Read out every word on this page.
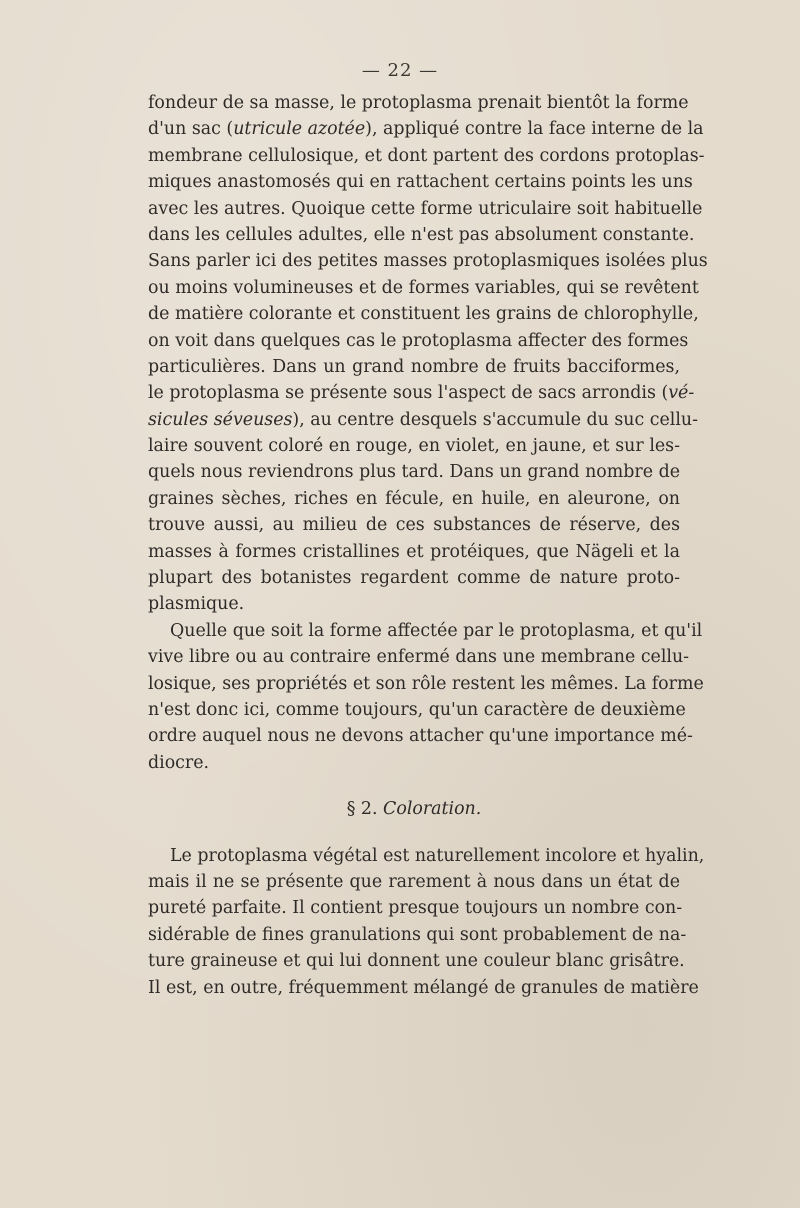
— 22 —
fondeur de sa masse, le protoplasma prenait bientôt la forme
d'un sac (utricule azotée), appliqué contre la face interne de la
membrane cellulosique, et dont partent des cordons protoplas-
miques anastomosés qui en rattachent certains points les uns
avec les autres. Quoique cette forme utriculaire soit habituelle
dans les cellules adultes, elle n'est pas absolument constante.
Sans parler ici des petites masses protoplasmiques isolées plus
ou moins volumineuses et de formes variables, qui se revêtent
de matière colorante et constituent les grains de chlorophylle,
on voit dans quelques cas le protoplasma affecter des formes
particulières. Dans un grand nombre de fruits bacciformes,
le protoplasma se présente sous l'aspect de sacs arrondis (vé-
sicules séveuses), au centre desquels s'accumule du suc cellu-
laire souvent coloré en rouge, en violet, en jaune, et sur les-
quels nous reviendrons plus tard. Dans un grand nombre de
graines sèches, riches en fécule, en huile, en aleurone, on
trouve aussi, au milieu de ces substances de réserve, des
masses à formes cristallines et protéiques, que Nägeli et la
plupart des botanistes regardent comme de nature proto-
plasmique.
Quelle que soit la forme affectée par le protoplasma, et qu'il
vive libre ou au contraire enfermé dans une membrane cellu-
losique, ses propriétés et son rôle restent les mêmes. La forme
n'est donc ici, comme toujours, qu'un caractère de deuxième
ordre auquel nous ne devons attacher qu'une importance mé-
diocre.
§ 2. Coloration.
Le protoplasma végétal est naturellement incolore et hyalin,
mais il ne se présente que rarement à nous dans un état de
pureté parfaite. Il contient presque toujours un nombre con-
sidérable de fines granulations qui sont probablement de na-
ture graineuse et qui lui donnent une couleur blanc grisâtre.
Il est, en outre, fréquemment mélangé de granules de matière
